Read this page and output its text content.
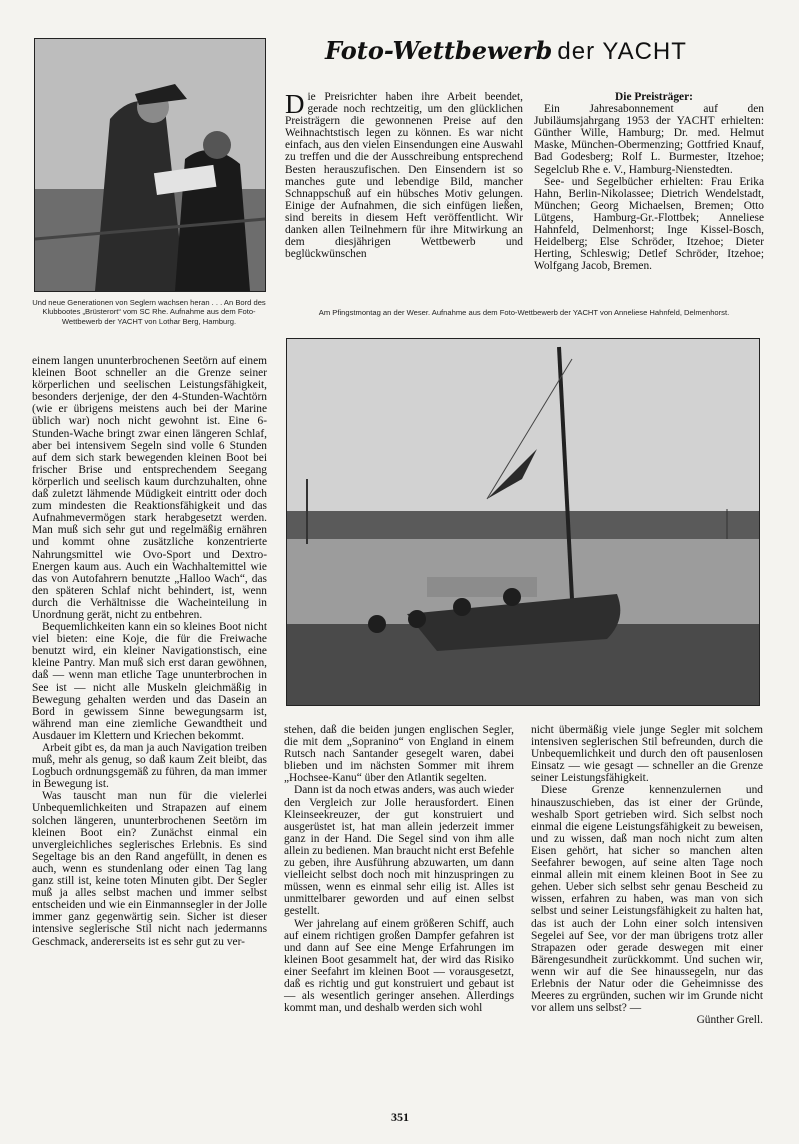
Foto-Wettbewerb der YACHT
Und neue Generationen von Seglern wachsen heran . . . An Bord des Klubbootes „Brüsterort“ vom SC Rhe. Aufnahme aus dem Foto-Wettbewerb der YACHT von Lothar Berg, Hamburg.

Die Preisrichter haben ihre Arbeit beendet, gerade noch rechtzeitig, um den glücklichen Preisträgern die gewonnenen Preise auf den Weihnachtstisch legen zu können. Es war nicht einfach, aus den vielen Einsendungen eine Auswahl zu treffen und die der Ausschreibung entsprechend Besten herauszufischen. Den Einsendern ist so manches gute und lebendige Bild, mancher Schnappschuß auf ein hübsches Motiv gelungen. Einige der Aufnahmen, die sich einfügen ließen, sind bereits in diesem Heft veröffentlicht. Wir danken allen Teilnehmern für ihre Mitwirkung an dem diesjährigen Wettbewerb und beglückwünschen

Die Preisträger:

Ein Jahresabonnement auf den Jubiläumsjahrgang 1953 der YACHT erhielten: Günther Wille, Hamburg; Dr. med. Helmut Maske, München-Obermenzing; Gottfried Knauf, Bad Godesberg; Rolf L. Burmester, Itzehoe; Segelclub Rhe e. V., Hamburg-Nienstedten.

See- und Segelbücher erhielten: Frau Erika Hahn, Berlin-Nikolassee; Dietrich Wendelstadt, München; Georg Michaelsen, Bremen; Otto Lütgens, Hamburg-Gr.-Flottbek; Anneliese Hahnfeld, Delmenhorst; Inge Kissel-Bosch, Heidelberg; Else Schröder, Itzehoe; Dieter Herting, Schleswig; Detlef Schröder, Itzehoe; Wolfgang Jacob, Bremen.

Am Pfingstmontag an der Weser. Aufnahme aus dem Foto-Wettbewerb der YACHT von Anneliese Hahnfeld, Delmenhorst.

einem langen ununterbrochenen Seetörn auf einem kleinen Boot schneller an die Grenze seiner körperlichen und seelischen Leistungsfähigkeit, besonders derjenige, der den 4-Stunden-Wachtörn (wie er übrigens meistens auch bei der Marine üblich war) noch nicht gewohnt ist. Eine 6-Stunden-Wache bringt zwar einen längeren Schlaf, aber bei intensivem Segeln sind volle 6 Stunden auf dem sich stark bewegenden kleinen Boot bei frischer Brise und entsprechendem Seegang körperlich und seelisch kaum durchzuhalten, ohne daß zuletzt lähmende Müdigkeit eintritt oder doch zum mindesten die Reaktionsfähigkeit und das Aufnahmevermögen stark herabgesetzt werden. Man muß sich sehr gut und regelmäßig ernähren und kommt ohne zusätzliche konzentrierte Nahrungsmittel wie Ovo-Sport und Dextro-Energen kaum aus. Auch ein Wachhaltemittel wie das von Autofahrern benutzte „Halloo Wach“, das den späteren Schlaf nicht behindert, ist, wenn durch die Verhältnisse die Wacheinteilung in Unordnung gerät, nicht zu entbehren.

Bequemlichkeiten kann ein so kleines Boot nicht viel bieten: eine Koje, die für die Freiwache benutzt wird, ein kleiner Navigationstisch, eine kleine Pantry. Man muß sich erst daran gewöhnen, daß — wenn man etliche Tage ununterbrochen in See ist — nicht alle Muskeln gleichmäßig in Bewegung gehalten werden und das Dasein an Bord in gewissem Sinne bewegungsarm ist, während man eine ziemliche Gewandtheit und Ausdauer im Klettern und Kriechen bekommt.

Arbeit gibt es, da man ja auch Navigation treiben muß, mehr als genug, so daß kaum Zeit bleibt, das Logbuch ordnungsgemäß zu führen, da man immer in Bewegung ist.

Was tauscht man nun für die vielerlei Unbequemlichkeiten und Strapazen auf einem solchen längeren, ununterbrochenen Seetörn im kleinen Boot ein? Zunächst einmal ein unvergleichliches seglerisches Erlebnis. Es sind Segeltage bis an den Rand angefüllt, in denen es auch, wenn es stundenlang oder einen Tag lang ganz still ist, keine toten Minuten gibt. Der Segler muß ja alles selbst machen und immer selbst entscheiden und wie ein Einmannsegler in der Jolle immer ganz gegenwärtig sein. Sicher ist dieser intensive seglerische Stil nicht nach jedermanns Geschmack, andererseits ist es sehr gut zu ver-

stehen, daß die beiden jungen englischen Segler, die mit dem „Sopranino“ von England in einem Rutsch nach Santander gesegelt waren, dabei blieben und im nächsten Sommer mit ihrem „Hochsee-Kanu“ über den Atlantik segelten.

Dann ist da noch etwas anders, was auch wieder den Vergleich zur Jolle herausfordert. Einen Kleinseekreuzer, der gut konstruiert und ausgerüstet ist, hat man allein jederzeit immer ganz in der Hand. Die Segel sind von ihm alle allein zu bedienen. Man braucht nicht erst Befehle zu geben, ihre Ausführung abzuwarten, um dann vielleicht selbst doch noch mit hinzuspringen zu müssen, wenn es einmal sehr eilig ist. Alles ist unmittelbarer geworden und auf einen selbst gestellt.

Wer jahrelang auf einem größeren Schiff, auch auf einem richtigen großen Dampfer gefahren ist und dann auf See eine Menge Erfahrungen im kleinen Boot gesammelt hat, der wird das Risiko einer Seefahrt im kleinen Boot — vorausgesetzt, daß es richtig und gut konstruiert und gebaut ist — als wesentlich geringer ansehen. Allerdings kommt man, und deshalb werden sich wohl

nicht übermäßig viele junge Segler mit solchem intensiven seglerischen Stil befreunden, durch die Unbequemlichkeit und durch den oft pausenlosen Einsatz — wie gesagt — schneller an die Grenze seiner Leistungsfähigkeit.

Diese Grenze kennenzulernen und hinauszuschieben, das ist einer der Gründe, weshalb Sport getrieben wird. Sich selbst noch einmal die eigene Leistungsfähigkeit zu beweisen, und zu wissen, daß man noch nicht zum alten Eisen gehört, hat sicher so manchen alten Seefahrer bewogen, auf seine alten Tage noch einmal allein mit einem kleinen Boot in See zu gehen. Ueber sich selbst sehr genau Bescheid zu wissen, erfahren zu haben, was man von sich selbst und seiner Leistungsfähigkeit zu halten hat, das ist auch der Lohn einer solch intensiven Segelei auf See, vor der man übrigens trotz aller Strapazen oder gerade deswegen mit einer Bärengesundheit zurückkommt. Und suchen wir, wenn wir auf die See hinaussegeln, nur das Erlebnis der Natur oder die Geheimnisse des Meeres zu ergründen, suchen wir im Grunde nicht vor allem uns selbst? —

Günther Grell.

351
